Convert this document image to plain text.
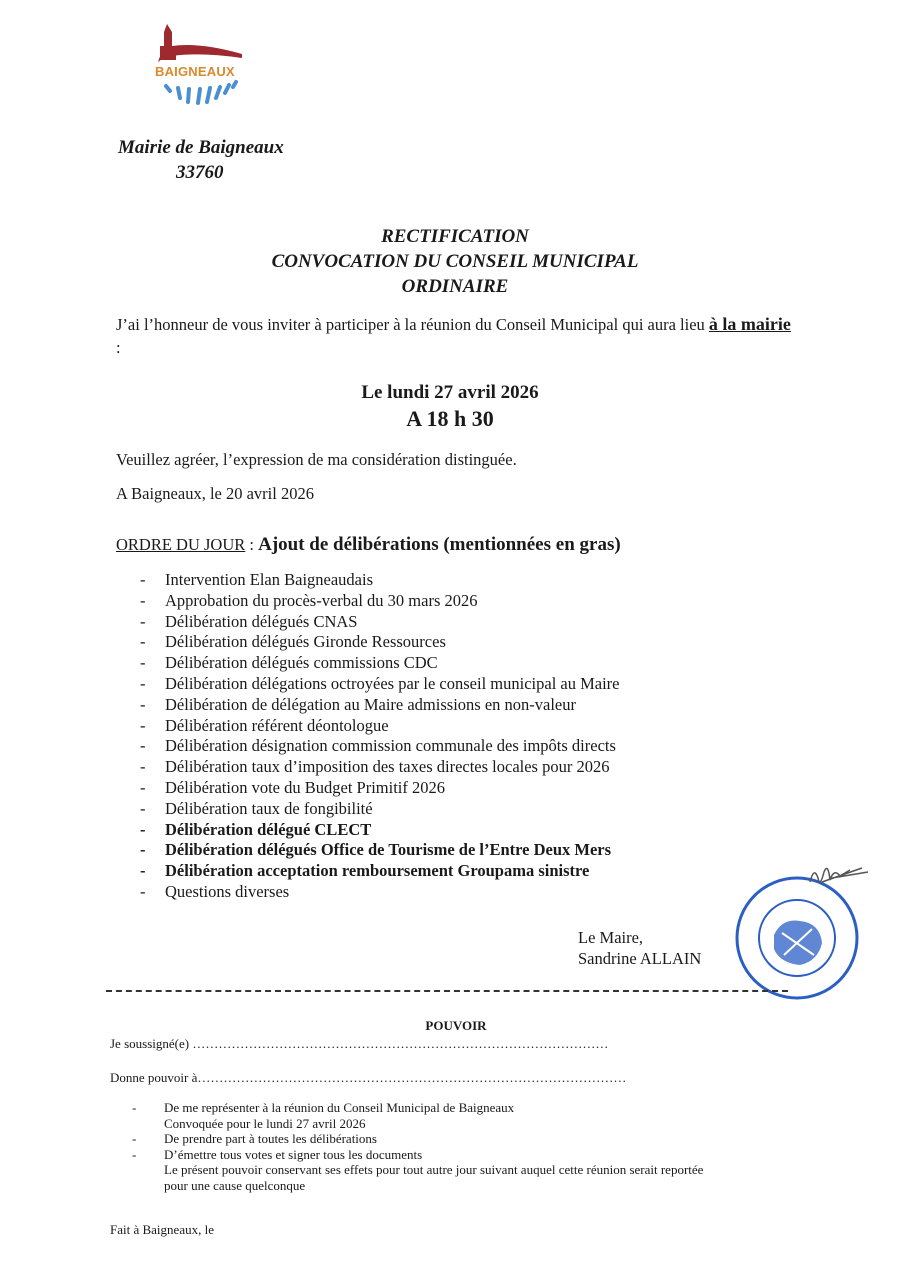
BAIGNEAUX
Mairie de Baigneaux
33760
RECTIFICATION
CONVOCATION DU CONSEIL MUNICIPAL
ORDINAIRE
J’ai l’honneur de vous inviter à participer à la réunion du Conseil Municipal qui aura lieu à la mairie :
Le lundi 27 avril 2026
A 18 h 30
Veuillez agréer, l’expression de ma considération distinguée.
A Baigneaux, le 20 avril 2026
ORDRE DU JOUR : Ajout de délibérations (mentionnées en gras)
- Intervention Elan Baigneaudais
- Approbation du procès-verbal du 30 mars 2026
- Délibération délégués CNAS
- Délibération délégués Gironde Ressources
- Délibération délégués commissions CDC
- Délibération délégations octroyées par le conseil municipal au Maire
- Délibération de délégation au Maire admissions en non-valeur
- Délibération référent déontologue
- Délibération désignation commission communale des impôts directs
- Délibération taux d’imposition des taxes directes locales pour 2026
- Délibération vote du Budget Primitif 2026
- Délibération taux de fongibilité
- Délibération délégué CLECT
- Délibération délégués Office de Tourisme de l’Entre Deux Mers
- Délibération acceptation remboursement Groupama sinistre
- Questions diverses
Le Maire,
Sandrine ALLAIN
POUVOIR
Je soussigné(e) ……………………………………………………………………………………
Donne pouvoir à………………………………………………………………………………………
- De me représenter à la réunion du Conseil Municipal de Baigneaux
Convoquée pour le lundi 27 avril 2026
- De prendre part à toutes les délibérations
- D’émettre tous votes et signer tous les documents
Le présent pouvoir conservant ses effets pour tout autre jour suivant auquel cette réunion serait reportée
pour une cause quelconque
Fait à Baigneaux, le
